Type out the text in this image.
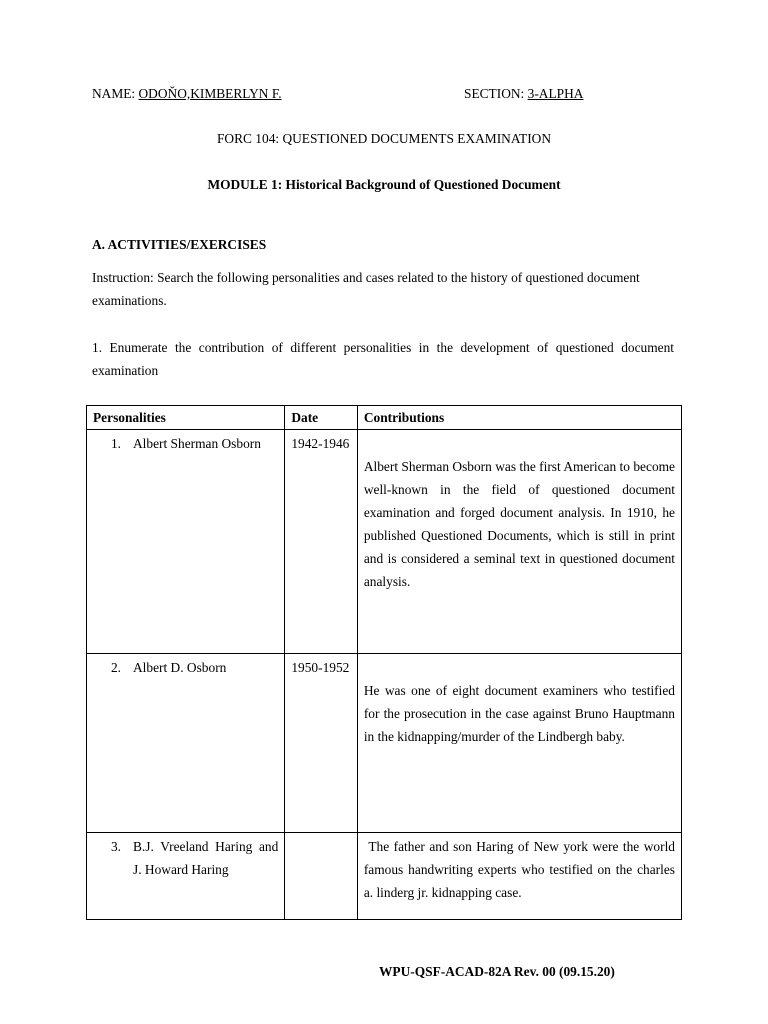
NAME: ODOŇO,KIMBERLYN F.	SECTION: 3-ALPHA
FORC 104: QUESTIONED DOCUMENTS EXAMINATION
MODULE 1: Historical Background of Questioned Document
A. ACTIVITIES/EXERCISES
Instruction: Search the following personalities and cases related to the history of questioned document examinations.
1. Enumerate the contribution of different personalities in the development of questioned document examination
Personalities	Date	Contributions

1. Albert Sherman Osborn	1942-1946	Albert Sherman Osborn was the first American to become well-known in the field of questioned document examination and forged document analysis. In 1910, he published Questioned Documents, which is still in print and is considered a seminal text in questioned document analysis.

2. Albert D. Osborn	1950-1952	He was one of eight document examiners who testified for the prosecution in the case against Bruno Hauptmann in the kidnapping/murder of the Lindbergh baby.

3. B.J. Vreeland Haring and J. Howard Haring		The father and son Haring of New york were the world famous handwriting experts who testified on the charles a. linderg jr. kidnapping case.
WPU-QSF-ACAD-82A Rev. 00 (09.15.20)
